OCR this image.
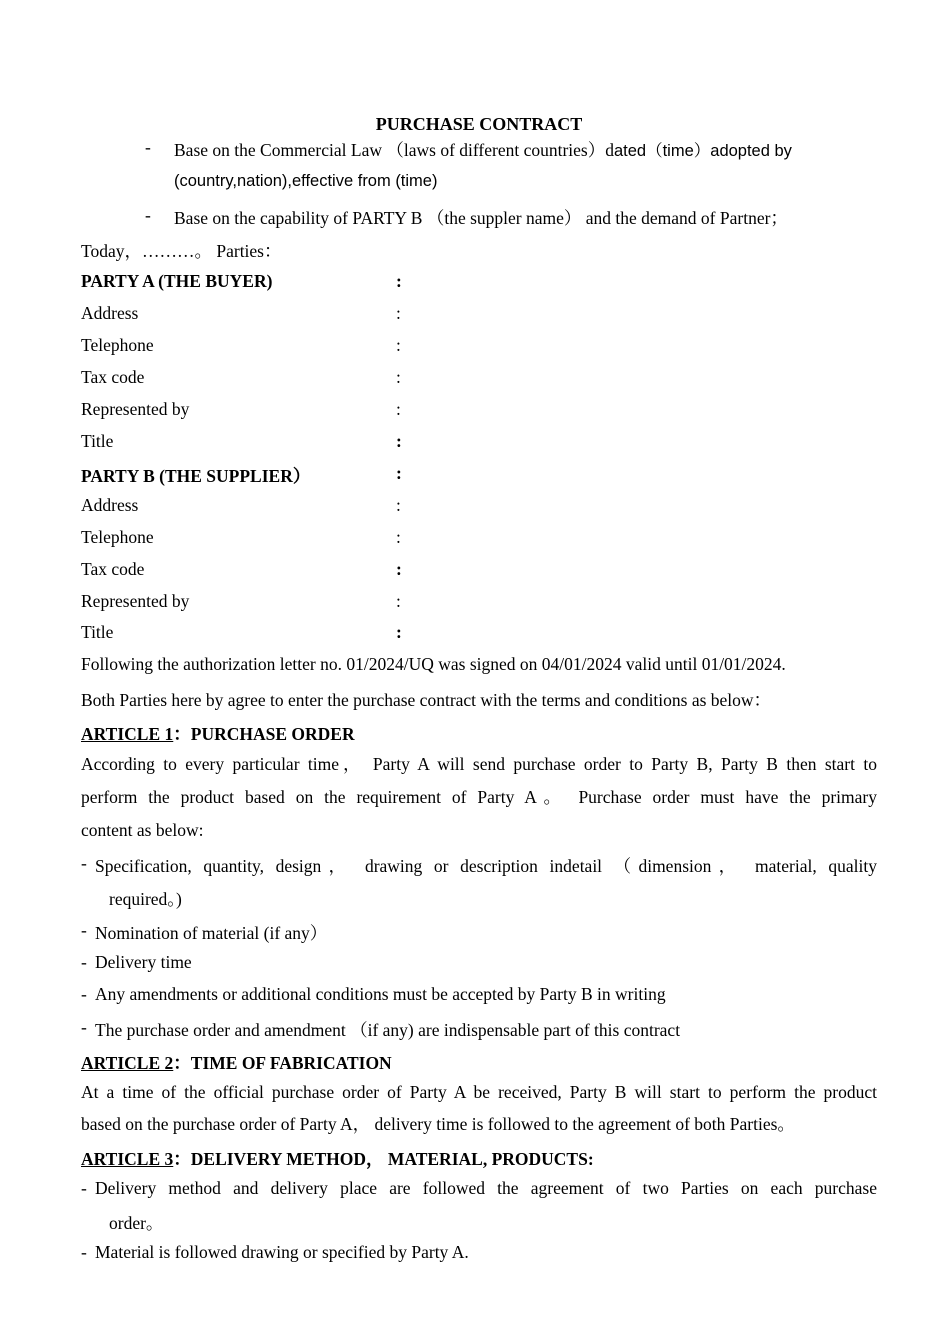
PURCHASE CONTRACT
- Base on the Commercial Law （laws of different countries）dated（time）adopted by
(country,nation),effective from (time)
- Base on the capability of PARTY B （the suppler name） and the demand of Partner；
Today，………。 Parties：
PARTY A (THE BUYER)	:
Address	:
Telephone	:
Tax code	:
Represented by	:
Title	:
PARTY B (THE SUPPLIER）	:
Address	:
Telephone	:
Tax code	:
Represented by	:
Title	:
Following the authorization letter no. 01/2024/UQ was signed on 04/01/2024 valid until 01/01/2024.
Both Parties here by agree to enter the purchase contract with the terms and conditions as below：
ARTICLE 1：PURCHASE ORDER
According to every particular time， Party A will send purchase order to Party B, Party B then start to
perform the product based on the requirement of Party A。 Purchase order must have the primary
content as below:
- Specification, quantity, design， drawing or description indetail （dimension， material, quality
required。)
- Nomination of material (if any）
- Delivery time
- Any amendments or additional conditions must be accepted by Party B in writing
- The purchase order and amendment （if any) are indispensable part of this contract
ARTICLE 2：TIME OF FABRICATION
At a time of the official purchase order of Party A be received, Party B will start to perform the product
based on the purchase order of Party A， delivery time is followed to the agreement of both Parties。
ARTICLE 3：DELIVERY METHOD， MATERIAL, PRODUCTS:
- Delivery method and delivery place are followed the agreement of two Parties on each purchase
order。
- Material is followed drawing or specified by Party A.
